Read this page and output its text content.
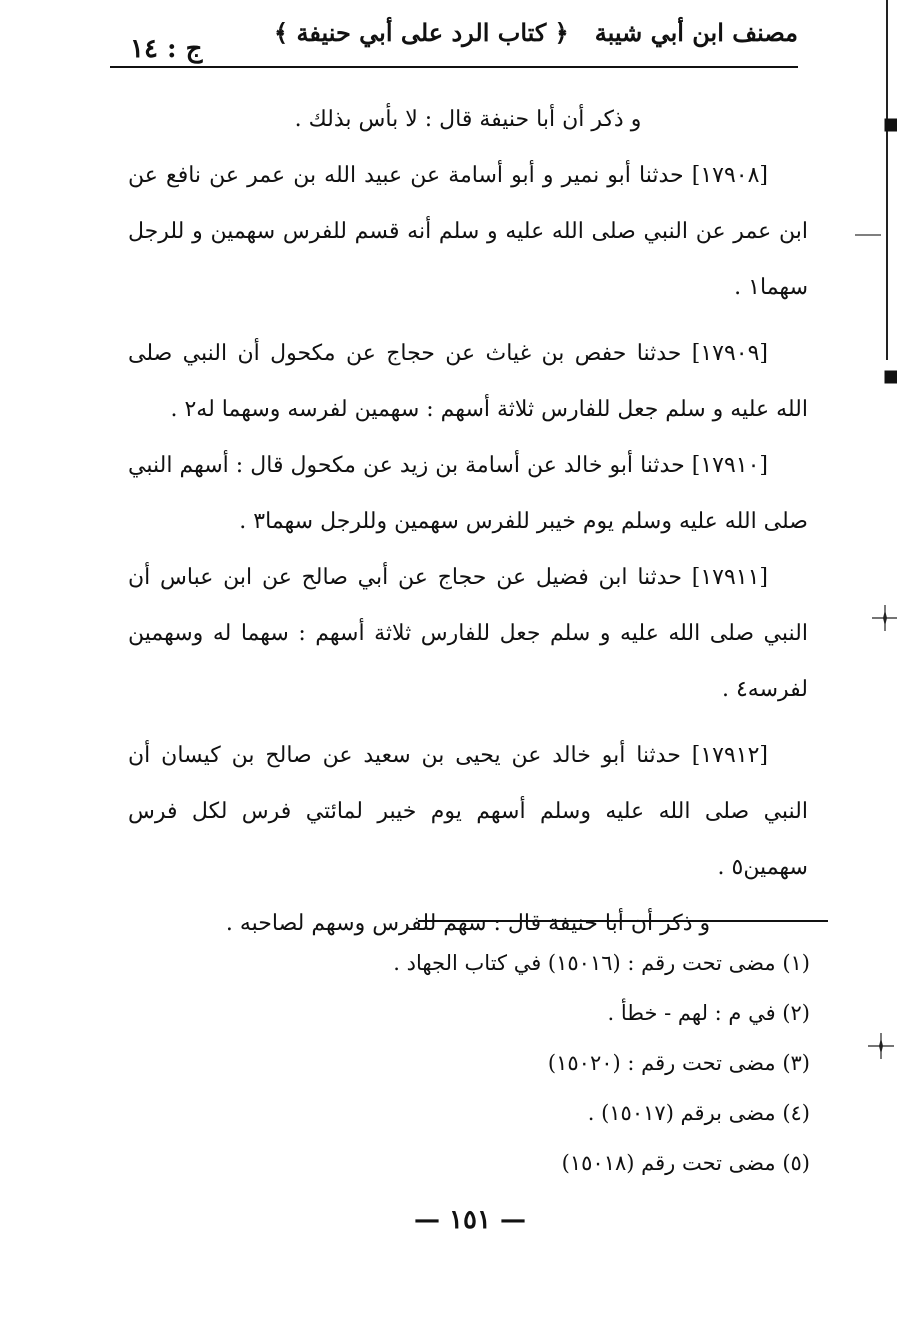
مصنف ابن أبي شيبة﴿ كتاب الرد على أبي حنيفة ﴾
ج : ١٤

و ذكر أن أبا حنيفة قال : لا بأس بذلك .

[١٧٩٠٨] حدثنا أبو نمير و أبو أسامة عن عبيد الله بن عمر عن نافع عن ابن عمر عن النبي صلى الله عليه و سلم أنه قسم للفرس سهمين و للرجل سهما١ .

[١٧٩٠٩] حدثنا حفص بن غياث عن حجاج عن مكحول أن النبي صلى الله عليه و سلم جعل للفارس ثلاثة أسهم : سهمين لفرسه وسهما له٢ .

[١٧٩١٠] حدثنا أبو خالد عن أسامة بن زيد عن مكحول قال : أسهم النبي صلى الله عليه وسلم يوم خيبر للفرس سهمين وللرجل سهما٣ .

[١٧٩١١] حدثنا ابن فضيل عن حجاج عن أبي صالح عن ابن عباس أن النبي صلى الله عليه و سلم جعل للفارس ثلاثة أسهم : سهما له وسهمين لفرسه٤ .

[١٧٩١٢] حدثنا أبو خالد عن يحيى بن سعيد عن صالح بن كيسان أن النبي صلى الله عليه وسلم أسهم يوم خيبر لمائتي فرس لكل فرس سهمين٥ .

و ذكر أن أبا حنيفة قال : سهم للفرس وسهم لصاحبه .

(١) مضى تحت رقم : (١٥٠١٦) في كتاب الجهاد .

(٢) في م : لهم - خطأ .

(٣) مضى تحت رقم : (١٥٠٢٠)

(٤) مضى برقم (١٥٠١٧) .

(٥) مضى تحت رقم (١٥٠١٨)

— ١٥١ —
